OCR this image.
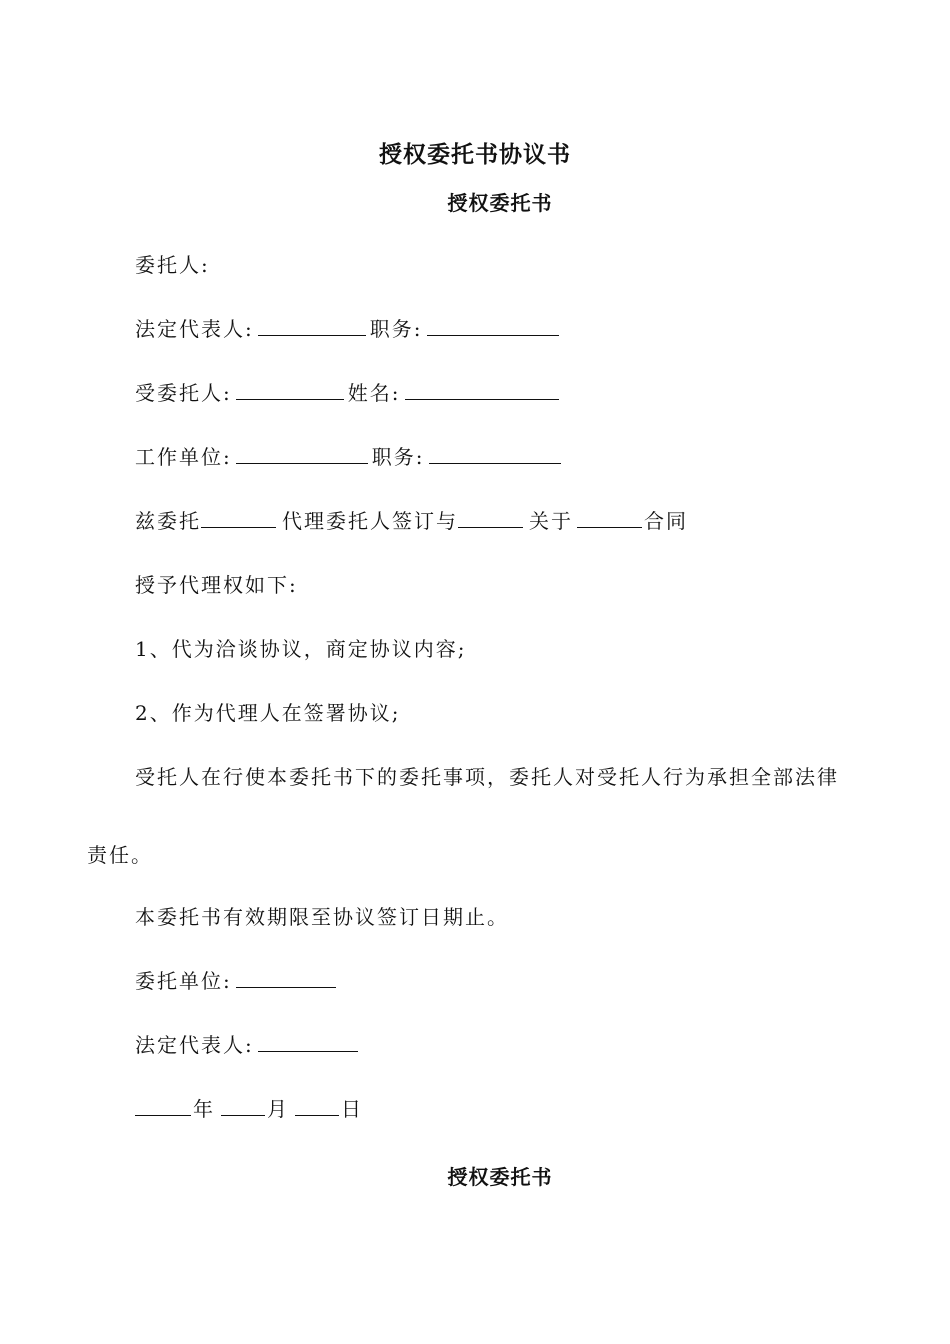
授权委托书协议书
授权委托书
委托人:
法定代表人:	职务:
受委托人:	姓名:
工作单位:	职务:
兹委托	代理委托人签订与	关于	合同
授予代理权如下:
1、代为洽谈协议，商定协议内容;
2、作为代理人在签署协议;
受托人在行使本委托书下的委托事项，委托人对受托人行为承担全部法律
责任。
本委托书有效期限至协议签订日期止。
委托单位:
法定代表人:
年	月	日
授权委托书
